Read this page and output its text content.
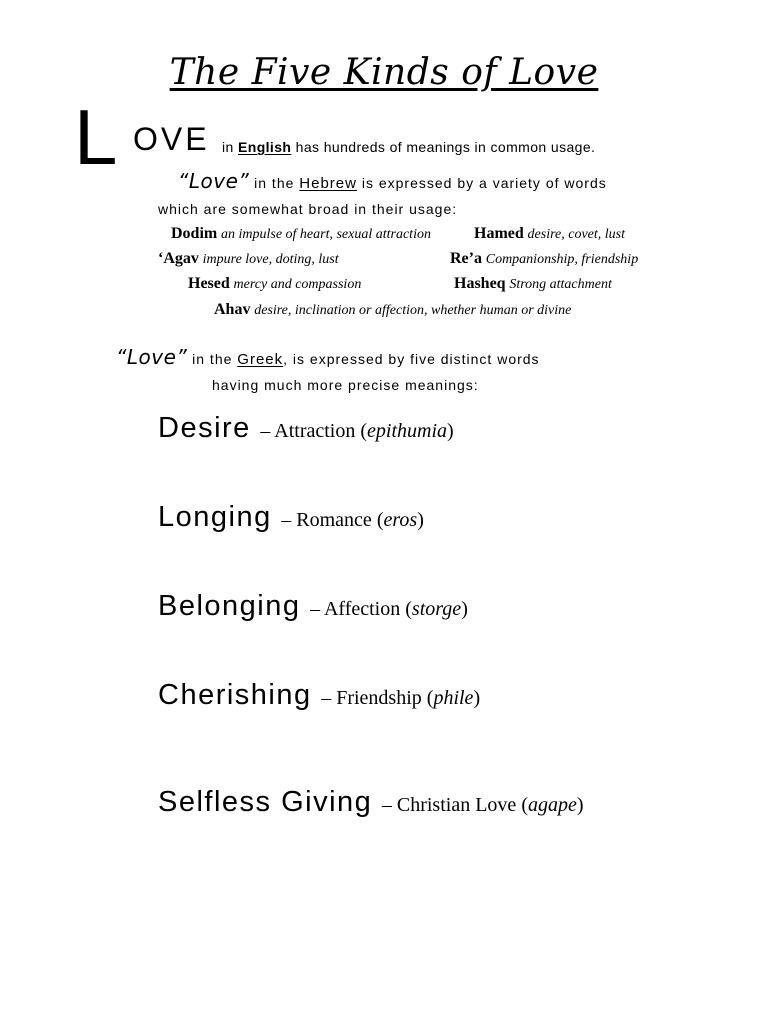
The Five Kinds of Love
L OVE in English has hundreds of meanings in common usage.
“Love” in the Hebrew is expressed by a variety of words
which are somewhat broad in their usage:
Dodim an impulse of heart, sexual attraction	Hamed desire, covet, lust
‘Agav impure love, doting, lust	Re’a Companionship, friendship
Hesed mercy and compassion	Hasheq Strong attachment
Ahav desire, inclination or affection, whether human or divine
“Love” in the Greek, is expressed by five distinct words
having much more precise meanings:
Desire – Attraction (epithumia)
Longing – Romance (eros)
Belonging – Affection (storge)
Cherishing – Friendship (phile)
Selfless Giving – Christian Love (agape)
